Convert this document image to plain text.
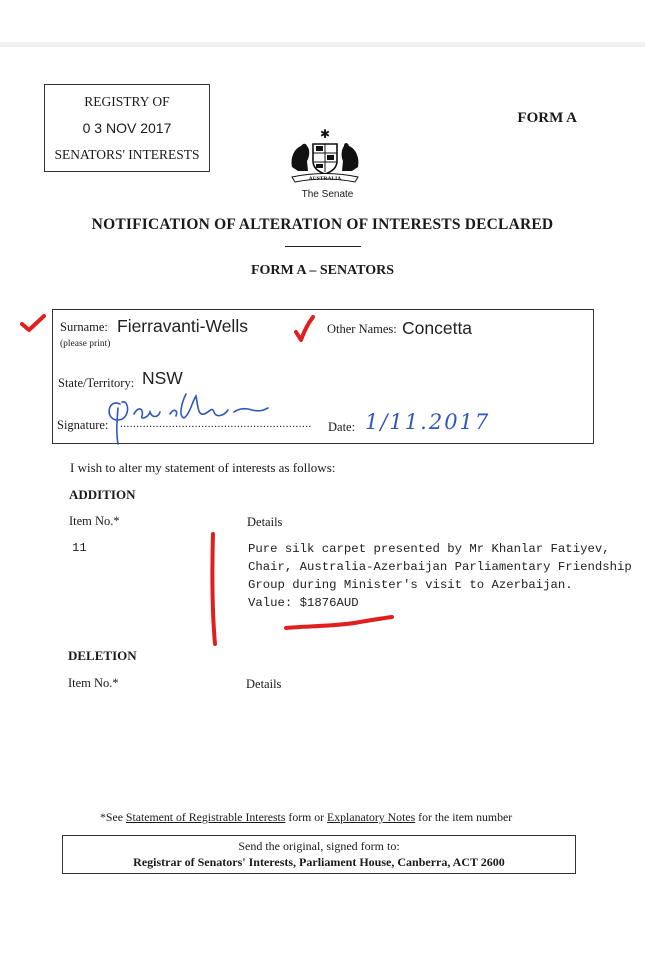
REGISTRY OF
0 3 NOV 2017
SENATORS' INTERESTS
FORM A
✱
AUSTRALIA
The Senate
NOTIFICATION OF ALTERATION OF INTERESTS DECLARED
FORM A – SENATORS
Surname: Fierravanti-Wells
(please print)
Other Names: Concetta
State/Territory: NSW
Signature: ........................................................... Date: 1/11.2017
I wish to alter my statement of interests as follows:
ADDITION
Item No.*	Details
11	Pure silk carpet presented by Mr Khanlar Fatiyev,
Chair, Australia-Azerbaijan Parliamentary Friendship
Group during Minister's visit to Azerbaijan.
Value: $1876AUD
DELETION
Item No.*	Details
*See Statement of Registrable Interests form or Explanatory Notes for the item number
Send the original, signed form to:
Registrar of Senators' Interests, Parliament House, Canberra, ACT 2600
